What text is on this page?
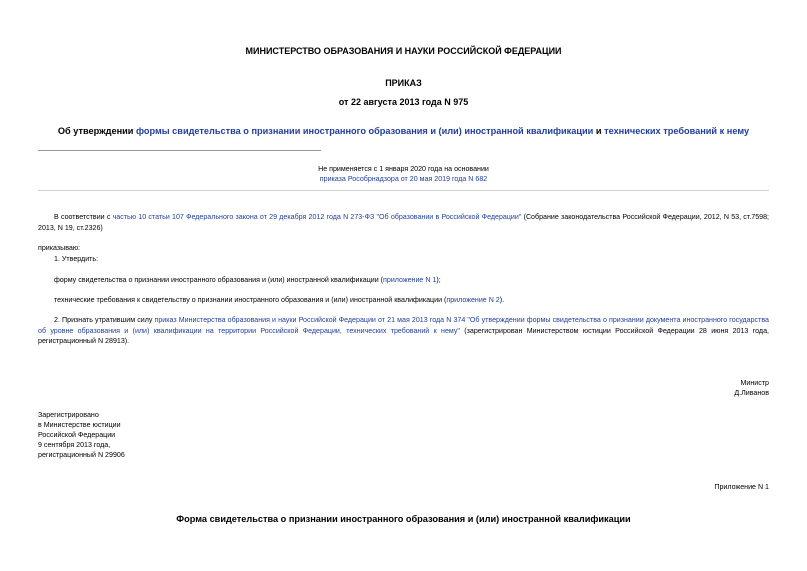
МИНИСТЕРСТВО ОБРАЗОВАНИЯ И НАУКИ РОССИЙСКОЙ ФЕДЕРАЦИИ
ПРИКАЗ
от 22 августа 2013 года N 975
Об утверждении формы свидетельства о признании иностранного образования и (или) иностранной квалификации и технических требований к нему
Не применяется с 1 января 2020 года на основании
приказа Рособрнадзора от 20 мая 2019 года N 682
В соответствии с частью 10 статьи 107 Федерального закона от 29 декабря 2012 года N 273-ФЗ "Об образовании в Российской Федерации" (Собрание законодательства Российской Федерации, 2012, N 53, ст.7598; 2013, N 19, ст.2326)
приказываю:
1. Утвердить:
форму свидетельства о признании иностранного образования и (или) иностранной квалификации (приложение N 1);
технические требования к свидетельству о признании иностранного образования и (или) иностранной квалификации (приложение N 2).
2. Признать утратившим силу приказ Министерства образования и науки Российской Федерации от 21 мая 2013 года N 374 "Об утверждении формы свидетельства о признании документа иностранного государства об уровне образования и (или) квалификации на территории Российской Федерации, технических требований к нему" (зарегистрирован Министерством юстиции Российской Федерации 28 июня 2013 года, регистрационный N 28913).
Министр
Д.Ливанов
Зарегистрировано
в Министерстве юстиции
Российской Федерации
9 сентября 2013 года,
регистрационный N 29906
Приложение N 1
Форма свидетельства о признании иностранного образования и (или) иностранной квалификации
